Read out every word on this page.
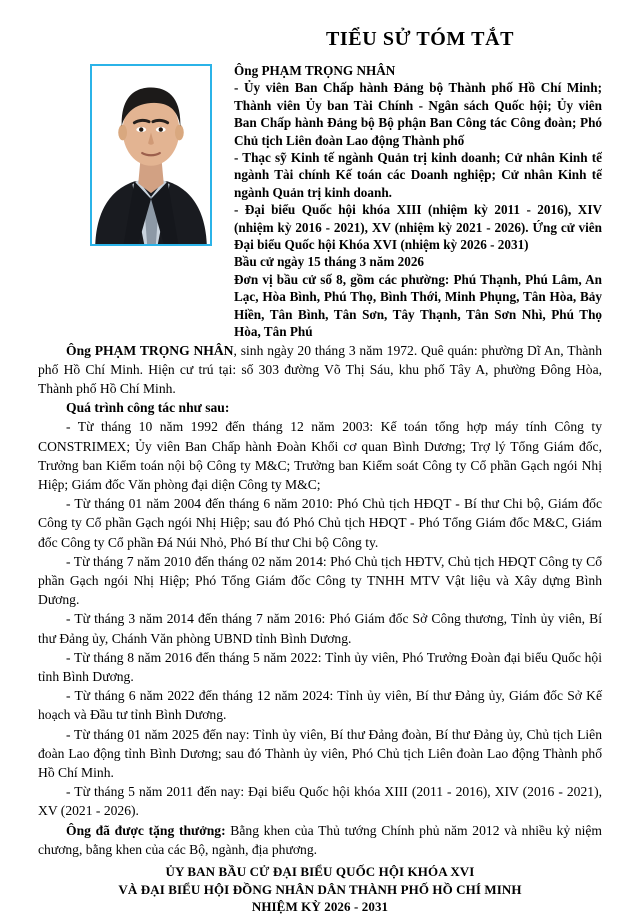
TIỂU SỬ TÓM TẮT

Ông PHẠM TRỌNG NHÂN

- Ủy viên Ban Chấp hành Đảng bộ Thành phố Hồ Chí Minh; Thành viên Ủy ban Tài Chính - Ngân sách Quốc hội; Ủy viên Ban Chấp hành Đảng bộ Bộ phận Ban Công tác Công đoàn; Phó Chủ tịch Liên đoàn Lao động Thành phố

- Thạc sỹ Kinh tế ngành Quản trị kinh doanh; Cử nhân Kinh tế ngành Tài chính Kế toán các Doanh nghiệp; Cử nhân Kinh tế ngành Quản trị kinh doanh.

- Đại biểu Quốc hội khóa XIII (nhiệm kỳ 2011 - 2016), XIV (nhiệm kỳ 2016 - 2021), XV (nhiệm kỳ 2021 - 2026). Ứng cử viên Đại biểu Quốc hội Khóa XVI (nhiệm kỳ 2026 - 2031)

Bầu cử ngày 15 tháng 3 năm 2026

Đơn vị bầu cử số 8, gồm các phường: Phú Thạnh, Phú Lâm, An Lạc, Hòa Bình, Phú Thọ, Bình Thới, Minh Phụng, Tân Hòa, Bảy Hiền, Tân Bình, Tân Sơn, Tây Thạnh, Tân Sơn Nhì, Phú Thọ Hòa, Tân Phú

Ông PHẠM TRỌNG NHÂN, sinh ngày 20 tháng 3 năm 1972. Quê quán: phường Dĩ An, Thành phố Hồ Chí Minh. Hiện cư trú tại: số 303 đường Võ Thị Sáu, khu phố Tây A, phường Đông Hòa, Thành phố Hồ Chí Minh.

Quá trình công tác như sau:

- Từ tháng 10 năm 1992 đến tháng 12 năm 2003: Kế toán tổng hợp máy tính Công ty CONSTRIMEX; Ủy viên Ban Chấp hành Đoàn Khối cơ quan Bình Dương; Trợ lý Tổng Giám đốc, Trưởng ban Kiểm toán nội bộ Công ty M&C; Trưởng ban Kiểm soát Công ty Cổ phần Gạch ngói Nhị Hiệp; Giám đốc Văn phòng đại diện Công ty M&C;

- Từ tháng 01 năm 2004 đến tháng 6 năm 2010: Phó Chủ tịch HĐQT - Bí thư Chi bộ, Giám đốc Công ty Cổ phần Gạch ngói Nhị Hiệp; sau đó Phó Chủ tịch HĐQT - Phó Tổng Giám đốc M&C, Giám đốc Công ty Cổ phần Đá Núi Nhỏ, Phó Bí thư Chi bộ Công ty.

- Từ tháng 7 năm 2010 đến tháng 02 năm 2014: Phó Chủ tịch HĐTV, Chủ tịch HĐQT Công ty Cổ phần Gạch ngói Nhị Hiệp; Phó Tổng Giám đốc Công ty TNHH MTV Vật liệu và Xây dựng Bình Dương.

- Từ tháng 3 năm 2014 đến tháng 7 năm 2016: Phó Giám đốc Sở Công thương, Tỉnh ủy viên, Bí thư Đảng ủy, Chánh Văn phòng UBND tỉnh Bình Dương.

- Từ tháng 8 năm 2016 đến tháng 5 năm 2022: Tỉnh ủy viên, Phó Trưởng Đoàn đại biểu Quốc hội tỉnh Bình Dương.

- Từ tháng 6 năm 2022 đến tháng 12 năm 2024: Tỉnh ủy viên, Bí thư Đảng ủy, Giám đốc Sở Kế hoạch và Đầu tư tỉnh Bình Dương.

- Từ tháng 01 năm 2025 đến nay: Tỉnh ủy viên, Bí thư Đảng đoàn, Bí thư Đảng ủy, Chủ tịch Liên đoàn Lao động tỉnh Bình Dương; sau đó Thành ủy viên, Phó Chủ tịch Liên đoàn Lao động Thành phố Hồ Chí Minh.

- Từ tháng 5 năm 2011 đến nay: Đại biểu Quốc hội khóa XIII (2011 - 2016), XIV (2016 - 2021), XV (2021 - 2026).

Ông đã được tặng thưởng: Bằng khen của Thủ tướng Chính phủ năm 2012 và nhiều kỷ niệm chương, bằng khen của các Bộ, ngành, địa phương.

ỦY BAN BẦU CỬ ĐẠI BIỂU QUỐC HỘI KHÓA XVI
VÀ ĐẠI BIỂU HỘI ĐỒNG NHÂN DÂN THÀNH PHỐ HỒ CHÍ MINH
NHIỆM KỲ 2026 - 2031
